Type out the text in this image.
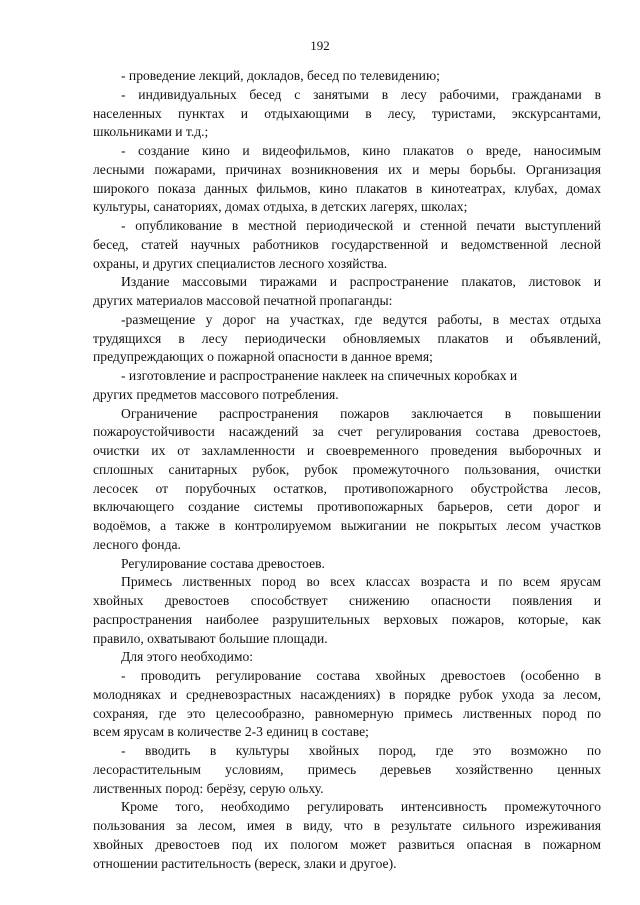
192
- проведение лекций, докладов, бесед по телевидению;
- индивидуальных бесед с занятыми в лесу рабочими, гражданами в
населенных пунктах и отдыхающими в лесу, туристами, экскурсантами,
школьниками и т.д.;
- создание кино и видеофильмов, кино плакатов о вреде, наносимым
лесными пожарами, причинах возникновения их и меры борьбы. Организация
широкого показа данных фильмов, кино плакатов в кинотеатрах, клубах, домах
культуры, санаториях, домах отдыха, в детских лагерях, школах;
- опубликование в местной периодической и стенной печати выступлений
бесед, статей научных работников государственной и ведомственной лесной
охраны, и других специалистов лесного хозяйства.
Издание массовыми тиражами и распространение плакатов, листовок и
других материалов массовой печатной пропаганды:
-размещение у дорог на участках, где ведутся работы, в местах отдыха
трудящихся в лесу периодически обновляемых плакатов и объявлений,
предупреждающих о пожарной опасности в данное время;
- изготовление и распространение наклеек на спичечных коробках и
других предметов массового потребления.
Ограничение распространения пожаров заключается в повышении
пожароустойчивости насаждений за счет регулирования состава древостоев,
очистки их от захламленности и своевременного проведения выборочных и
сплошных санитарных рубок, рубок промежуточного пользования, очистки
лесосек от порубочных остатков, противопожарного обустройства лесов,
включающего создание системы противопожарных барьеров, сети дорог и
водоёмов, а также в контролируемом выжигании не покрытых лесом участков
лесного фонда.
Регулирование состава древостоев.
Примесь лиственных пород во всех классах возраста и по всем ярусам
хвойных древостоев способствует снижению опасности появления и
распространения наиболее разрушительных верховых пожаров, которые, как
правило, охватывают большие площади.
Для этого необходимо:
- проводить регулирование состава хвойных древостоев (особенно в
молодняках и средневозрастных насаждениях) в порядке рубок ухода за лесом,
сохраняя, где это целесообразно, равномерную примесь лиственных пород по
всем ярусам в количестве 2-3 единиц в составе;
- вводить в культуры хвойных пород, где это возможно по
лесорастительным условиям, примесь деревьев хозяйственно ценных
лиственных пород: берёзу, серую ольху.
Кроме того, необходимо регулировать интенсивность промежуточного
пользования за лесом, имея в виду, что в результате сильного изреживания
хвойных древостоев под их пологом может развиться опасная в пожарном
отношении растительность (вереск, злаки и другое).
